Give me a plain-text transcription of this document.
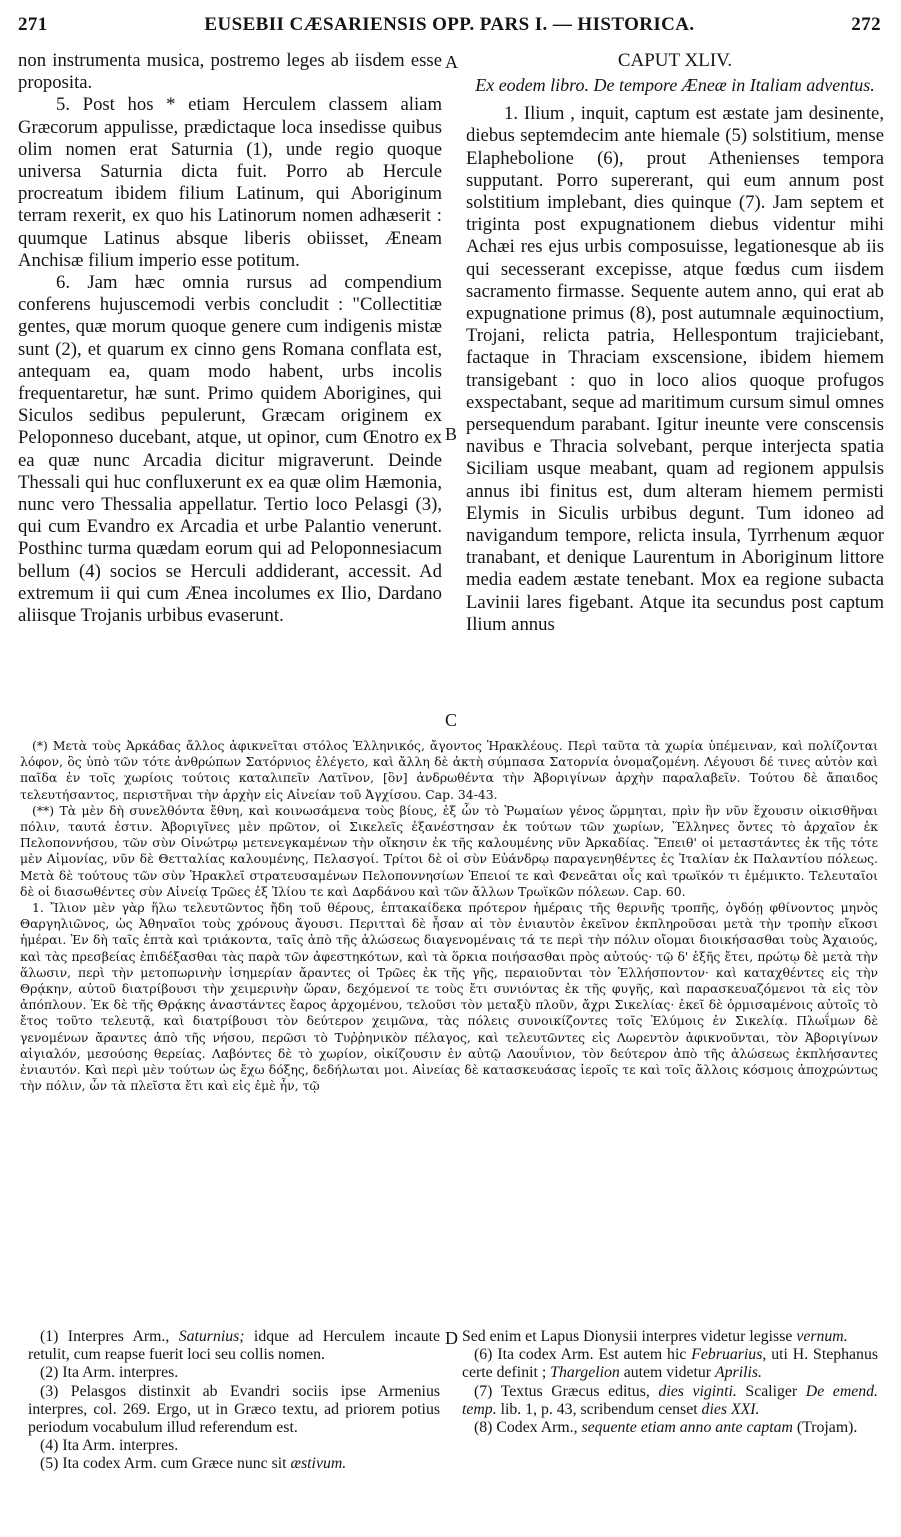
271	EUSEBII CÆSARIENSIS OPP. PARS I. — HISTORICA.	272

non instrumenta musica, postremo leges ab iisdem esse proposita.

5. Post hos * etiam Herculem classem aliam Græcorum appulisse, prædictaque loca insedisse quibus olim nomen erat Saturnia (1), unde regio quoque universa Saturnia dicta fuit. Porro ab Hercule procreatum ibidem filium Latinum, qui Aboriginum terram rexerit, ex quo his Latinorum nomen adhæserit : quumque Latinus absque liberis obiisset, Æneam Anchisæ filium imperio esse potitum.

6. Jam hæc omnia rursus ad compendium conferens hujuscemodi verbis concludit : "Collectitiæ gentes, quæ morum quoque genere cum indigenis mistæ sunt (2), et quarum ex cinno gens Romana conflata est, antequam ea, quam modo habent, urbs incolis frequentaretur, hæ sunt. Primo quidem Aborigines, qui Siculos sedibus pepulerunt, Græcam originem ex Peloponneso ducebant, atque, ut opinor, cum Œnotro ex ea quæ nunc Arcadia dicitur migraverunt. Deinde Thessali qui huc confluxerunt ex ea quæ olim Hæmonia, nunc vero Thessalia appellatur. Tertio loco Pelasgi (3), qui cum Evandro ex Arcadia et urbe Palantio venerunt. Posthinc turma quædam eorum qui ad Peloponnesiacum bellum (4) socios se Herculi addiderant, accessit. Ad extremum ii qui cum Ænea incolumes ex Ilio, Dardano aliisque Trojanis urbibus evaserunt.

CAPUT XLIV.
Ex eodem libro. De tempore Æneæ in Italiam adventus.

1. Ilium , inquit, captum est æstate jam desinente, diebus septemdecim ante hiemale (5) solstitium, mense Elaphebolione (6), prout Athenienses tempora supputant. Porro supererant, qui eum annum post solstitium implebant, dies quinque (7). Jam septem et triginta post expugnationem diebus videntur mihi Achæi res ejus urbis composuisse, legationesque ab iis qui secesserant excepisse, atque fœdus cum iisdem sacramento firmasse. Sequente autem anno, qui erat ab expugnatione primus (8), post autumnale æquinoctium, Trojani, relicta patria, Hellespontum trajiciebant, factaque in Thraciam exscensione, ibidem hiemem transigebant : quo in loco alios quoque profugos exspectabant, seque ad maritimum cursum simul omnes persequendum parabant. Igitur ineunte vere conscensis navibus e Thracia solvebant, perque interjecta spatia Siciliam usque meabant, quam ad regionem appulsis annus ibi finitus est, dum alteram hiemem permisti Elymis in Siculis urbibus degunt. Tum idoneo ad navigandum tempore, relicta insula, Tyrrhenum æquor tranabant, et denique Laurentum in Aboriginum littore media eadem æstate tenebant. Mox ea regione subacta Lavinii lares figebant. Atque ita secundus post captum Ilium annus

A
B
C
D

(*) Μετὰ τοὺς Ἀρκάδας ἄλλος ἀφικνεῖται στόλος Ἑλληνικός, ἄγοντος Ἡρακλέους. Περὶ ταῦτα τὰ χωρία ὑπέμειναν, καὶ πολίζονται λόφον, ὃς ὑπὸ τῶν τότε ἀνθρώπων Σατόρνιος ἐλέγετο, καὶ ἄλλη δὲ ἀκτὴ σύμπασα Σατορνία ὀνομαζομένη. Λέγουσι δέ τινες αὐτὸν καὶ παῖδα ἐν τοῖς χωρίοις τούτοις καταλιπεῖν Λατῖνον, [ὃν] ἀνδρωθέντα τὴν Ἀβοριγίνων ἀρχὴν παραλαβεῖν. Τούτου δὲ ἄπαιδος τελευτήσαντος, περιστῆναι τὴν ἀρχὴν εἰς Αἰνείαν τοῦ Ἀγχίσου. Cap. 34-43.

(**) Τὰ μὲν δὴ συνελθόντα ἔθνη, καὶ κοινωσάμενα τοὺς βίους, ἐξ ὧν τὸ Ῥωμαίων γένος ὥρμηται, πρὶν ἢν νῦν ἔχουσιν οἰκισθῆναι πόλιν, ταυτά ἐστιν. Ἀβοριγῖνες μὲν πρῶτον, οἱ Σικελεῖς ἐξανέστησαν ἐκ τούτων τῶν χωρίων, Ἕλληνες ὄντες τὸ ἀρχαῖον ἐκ Πελοποννήσου, τῶν σὺν Οἰνώτρῳ μετενεγκαμένων τὴν οἴκησιν ἐκ τῆς καλουμένης νῦν Ἀρκαδίας. Ἔπειθ' οἱ μεταστάντες ἐκ τῆς τότε μὲν Αἱμονίας, νῦν δὲ Θετταλίας καλουμένης, Πελασγοί. Τρίτοι δὲ οἱ σὺν Εὐάνδρῳ παραγενηθέντες ἐς Ἰταλίαν ἐκ Παλαντίου πόλεως. Μετὰ δὲ τούτους τῶν σὺν Ἡρακλεῖ στρατευσαμένων Πελοποννησίων Ἐπειοί τε καὶ Φενεᾶται οἷς καὶ τρωϊκόν τι ἐμέμικτο. Τελευταῖοι δὲ οἱ διασωθέντες σὺν Αἰνείᾳ Τρῶες ἐξ Ἰλίου τε καὶ Δαρδάνου καὶ τῶν ἄλλων Τρωϊκῶν πόλεων. Cap. 60.

1. Ἴλιον μὲν γὰρ ἥλω τελευτῶντος ἤδη τοῦ θέρους, ἑπτακαίδεκα πρότερον ἡμέραις τῆς θερινῆς τροπῆς, ὀγδόῃ φθίνοντος μηνὸς Θαργηλιῶνος, ὡς Ἀθηναῖοι τοὺς χρόνους ἄγουσι. Περιτταὶ δὲ ἦσαν αἱ τὸν ἐνιαυτὸν ἐκεῖνον ἐκπληροῦσαι μετὰ τὴν τροπὴν εἴκοσι ἡμέραι. Ἐν δὴ ταῖς ἑπτὰ καὶ τριάκοντα, ταῖς ἀπὸ τῆς ἁλώσεως διαγενομέναις τά τε περὶ τὴν πόλιν οἴομαι διοικήσασθαι τοὺς Ἀχαιούς, καὶ τὰς πρεσβείας ἐπιδέξασθαι τὰς παρὰ τῶν ἀφεστηκότων, καὶ τὰ ὅρκια ποιήσασθαι πρὸς αὐτούς· τῷ δ' ἑξῆς ἔτει, πρώτῳ δὲ μετὰ τὴν ἅλωσιν, περὶ τὴν μετοπωρινὴν ἰσημερίαν ἄραντες οἱ Τρῶες ἐκ τῆς γῆς, περαιοῦνται τὸν Ἑλλήσποντον· καὶ καταχθέντες εἰς τὴν Θρᾴκην, αὐτοῦ διατρίβουσι τὴν χειμερινὴν ὥραν, δεχόμενοί τε τοὺς ἔτι συνιόντας ἐκ τῆς φυγῆς, καὶ παρασκευαζόμενοι τὰ εἰς τὸν ἀπόπλουν. Ἐκ δὲ τῆς Θρᾴκης ἀναστάντες ἔαρος ἀρχομένου, τελοῦσι τὸν μεταξὺ πλοῦν, ἄχρι Σικελίας· ἐκεῖ δὲ ὁρμισαμένοις αὐτοῖς τὸ ἔτος τοῦτο τελευτᾷ, καὶ διατρίβουσι τὸν δεύτερον χειμῶνα, τὰς πόλεις συνοικίζοντες τοῖς Ἐλύμοις ἐν Σικελίᾳ. Πλωΐμων δὲ γενομένων ἄραντες ἀπὸ τῆς νήσου, περῶσι τὸ Τυῤῥηνικὸν πέλαγος, καὶ τελευτῶντες εἰς Λωρεντὸν ἀφικνοῦνται, τὸν Ἀβοριγίνων αἰγιαλόν, μεσούσης θερείας. Λαβόντες δὲ τὸ χωρίον, οἰκίζουσιν ἐν αὐτῷ Λαουΐνιον, τὸν δεύτερον ἀπὸ τῆς ἁλώσεως ἐκπλήσαντες ἐνιαυτόν. Καὶ περὶ μὲν τούτων ὡς ἔχω δόξης, δεδήλωται μοι. Αἰνείας δὲ κατασκευάσας ἱεροῖς τε καὶ τοῖς ἄλλοις κόσμοις ἀποχρώντως τὴν πόλιν, ὧν τὰ πλεῖστα ἔτι καὶ εἰς ἐμὲ ἦν, τῷ

(1) Interpres Arm., Saturnius; idque ad Herculem incaute retulit, cum reapse fuerit loci seu collis nomen.

(2) Ita Arm. interpres.

(3) Pelasgos distinxit ab Evandri sociis ipse Armenius interpres, col. 269. Ergo, ut in Græco textu, ad priorem potius periodum vocabulum illud referendum est.

(4) Ita Arm. interpres.

(5) Ita codex Arm. cum Græce nunc sit æstivum.

Sed enim et Lapus Dionysii interpres videtur legisse vernum.

(6) Ita codex Arm. Est autem hic Februarius, uti H. Stephanus certe definit ; Thargelion autem videtur Aprilis.

(7) Textus Græcus editus, dies viginti. Scaliger De emend. temp. lib. 1, p. 43, scribendum censet dies XXI.

(8) Codex Arm., sequente etiam anno ante captam (Trojam).
